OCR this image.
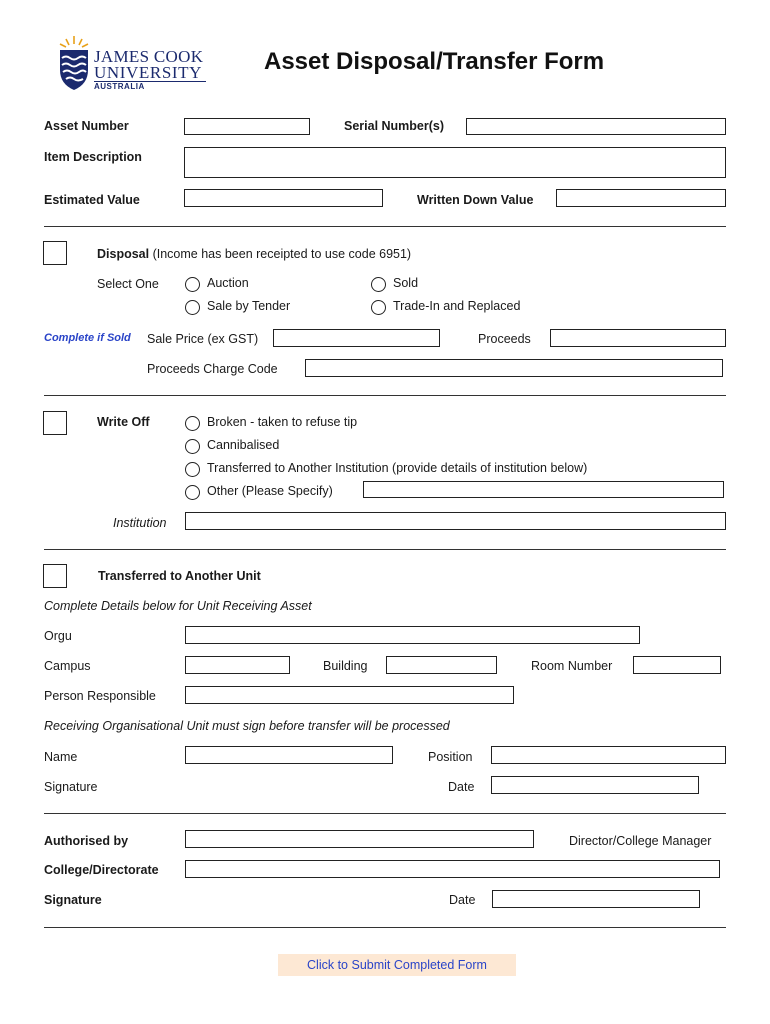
JAMES COOK
UNIVERSITY
AUSTRALIA
Asset Disposal/Transfer Form
Asset Number	Serial Number(s)
Item Description
Estimated Value	Written Down Value
Disposal (Income has been receipted to use code 6951)
Select One	Auction	Sold
Sale by Tender	Trade-In and Replaced
Complete if Sold Sale Price (ex GST)	Proceeds
Proceeds Charge Code
Write Off	Broken - taken to refuse tip
Cannibalised
Transferred to Another Institution (provide details of institution below)
Other (Please Specify)
Institution
Transferred to Another Unit
Complete Details below for Unit Receiving Asset
Orgu
Campus	Building	Room Number
Person Responsible
Receiving Organisational Unit must sign before transfer will be processed
Name	Position
Signature	Date
Authorised by	Director/College Manager
College/Directorate
Signature	Date
Click to Submit Completed Form
